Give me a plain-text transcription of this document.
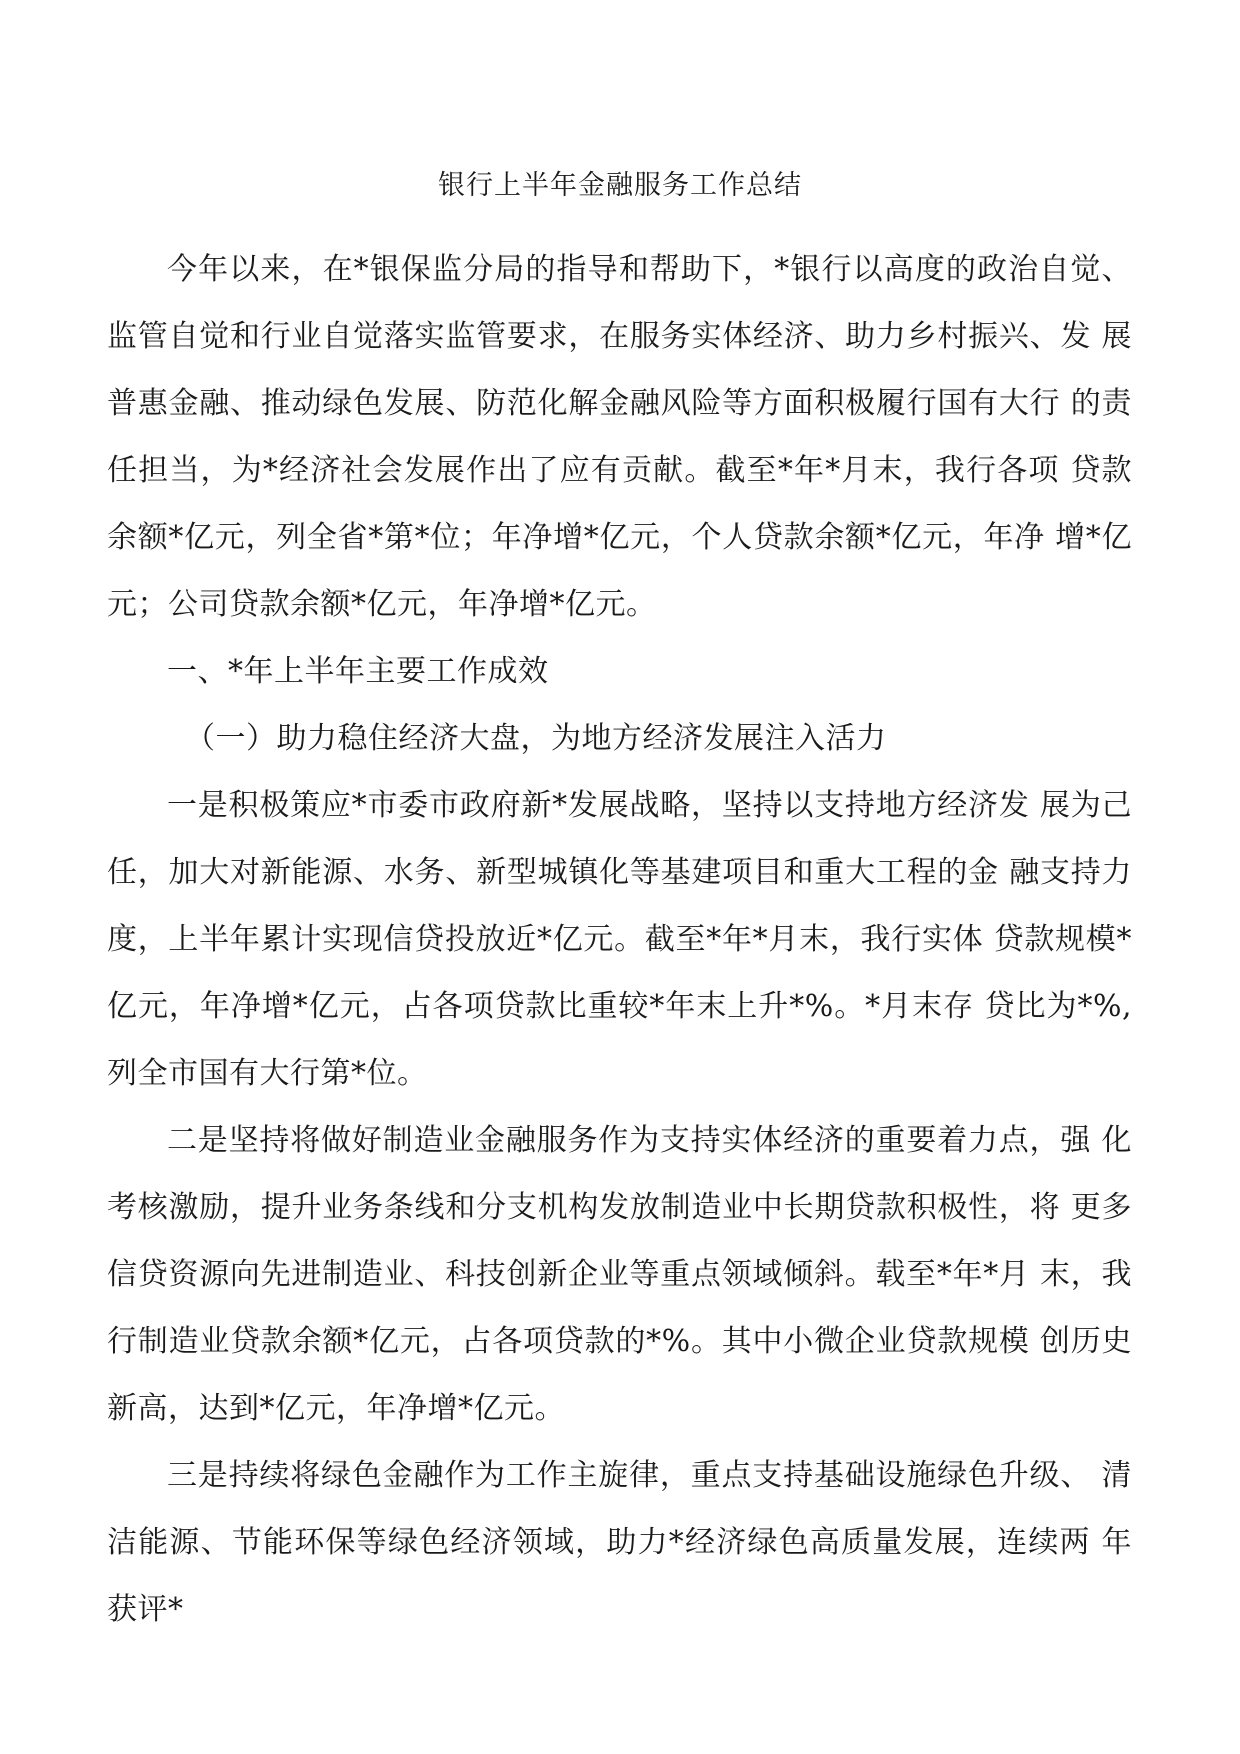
银行上半年金融服务工作总结

今年以来，在*银保监分局的指导和帮助下，*银行以高度的政治自觉、 监管自觉和行业自觉落实监管要求，在服务实体经济、助力乡村振兴、发 展普惠金融、推动绿色发展、防范化解金融风险等方面积极履行国有大行 的责任担当，为*经济社会发展作出了应有贡献。截至*年*月末，我行各项 贷款余额*亿元，列全省*第*位；年净增*亿元，个人贷款余额*亿元，年净 增*亿元；公司贷款余额*亿元，年净增*亿元。

一、*年上半年主要工作成效

（一）助力稳住经济大盘，为地方经济发展注入活力

一是积极策应*市委市政府新*发展战略，坚持以支持地方经济发 展为己任，加大对新能源、水务、新型城镇化等基建项目和重大工程的金 融支持力度，上半年累计实现信贷投放近*亿元。截至*年*月末，我行实体 贷款规模*亿元，年净增*亿元，占各项贷款比重较*年末上升*%。*月末存 贷比为*%,列全市国有大行第*位。

二是坚持将做好制造业金融服务作为支持实体经济的重要着力点，强 化考核激励，提升业务条线和分支机构发放制造业中长期贷款积极性，将 更多信贷资源向先进制造业、科技创新企业等重点领域倾斜。载至*年*月 末，我行制造业贷款余额*亿元，占各项贷款的*%。其中小微企业贷款规模 创历史新高，达到*亿元，年净增*亿元。

三是持续将绿色金融作为工作主旋律，重点支持基础设施绿色升级、 清洁能源、节能环保等绿色经济领域，助力*经济绿色高质量发展，连续两 年获评*
